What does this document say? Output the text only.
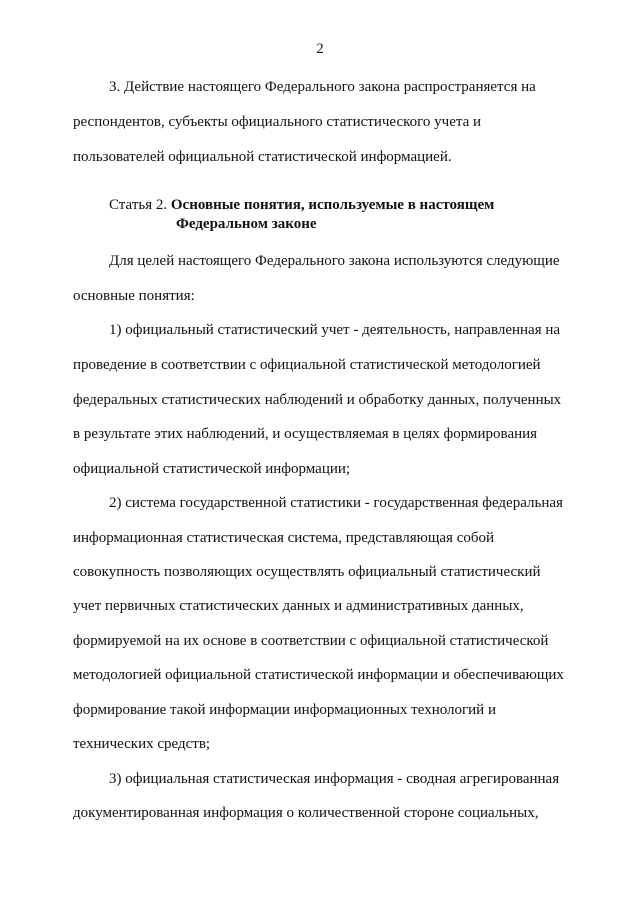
2
3. Действие настоящего Федерального закона распространяется на
респондентов, субъекты официального статистического учета и
пользователей официальной статистической информацией.
Статья 2. Основные понятия, используемые в настоящем
Федеральном законе
Для целей настоящего Федерального закона используются следующие
основные понятия:
1) официальный статистический учет - деятельность, направленная на
проведение в соответствии с официальной статистической методологией
федеральных статистических наблюдений и обработку данных, полученных
в результате этих наблюдений, и осуществляемая в целях формирования
официальной статистической информации;
2) система государственной статистики - государственная федеральная
информационная статистическая система, представляющая собой
совокупность позволяющих осуществлять официальный статистический
учет первичных статистических данных и административных данных,
формируемой на их основе в соответствии с официальной статистической
методологией официальной статистической информации и обеспечивающих
формирование такой информации информационных технологий и
технических средств;
3) официальная статистическая информация - сводная агрегированная
документированная информация о количественной стороне социальных,
